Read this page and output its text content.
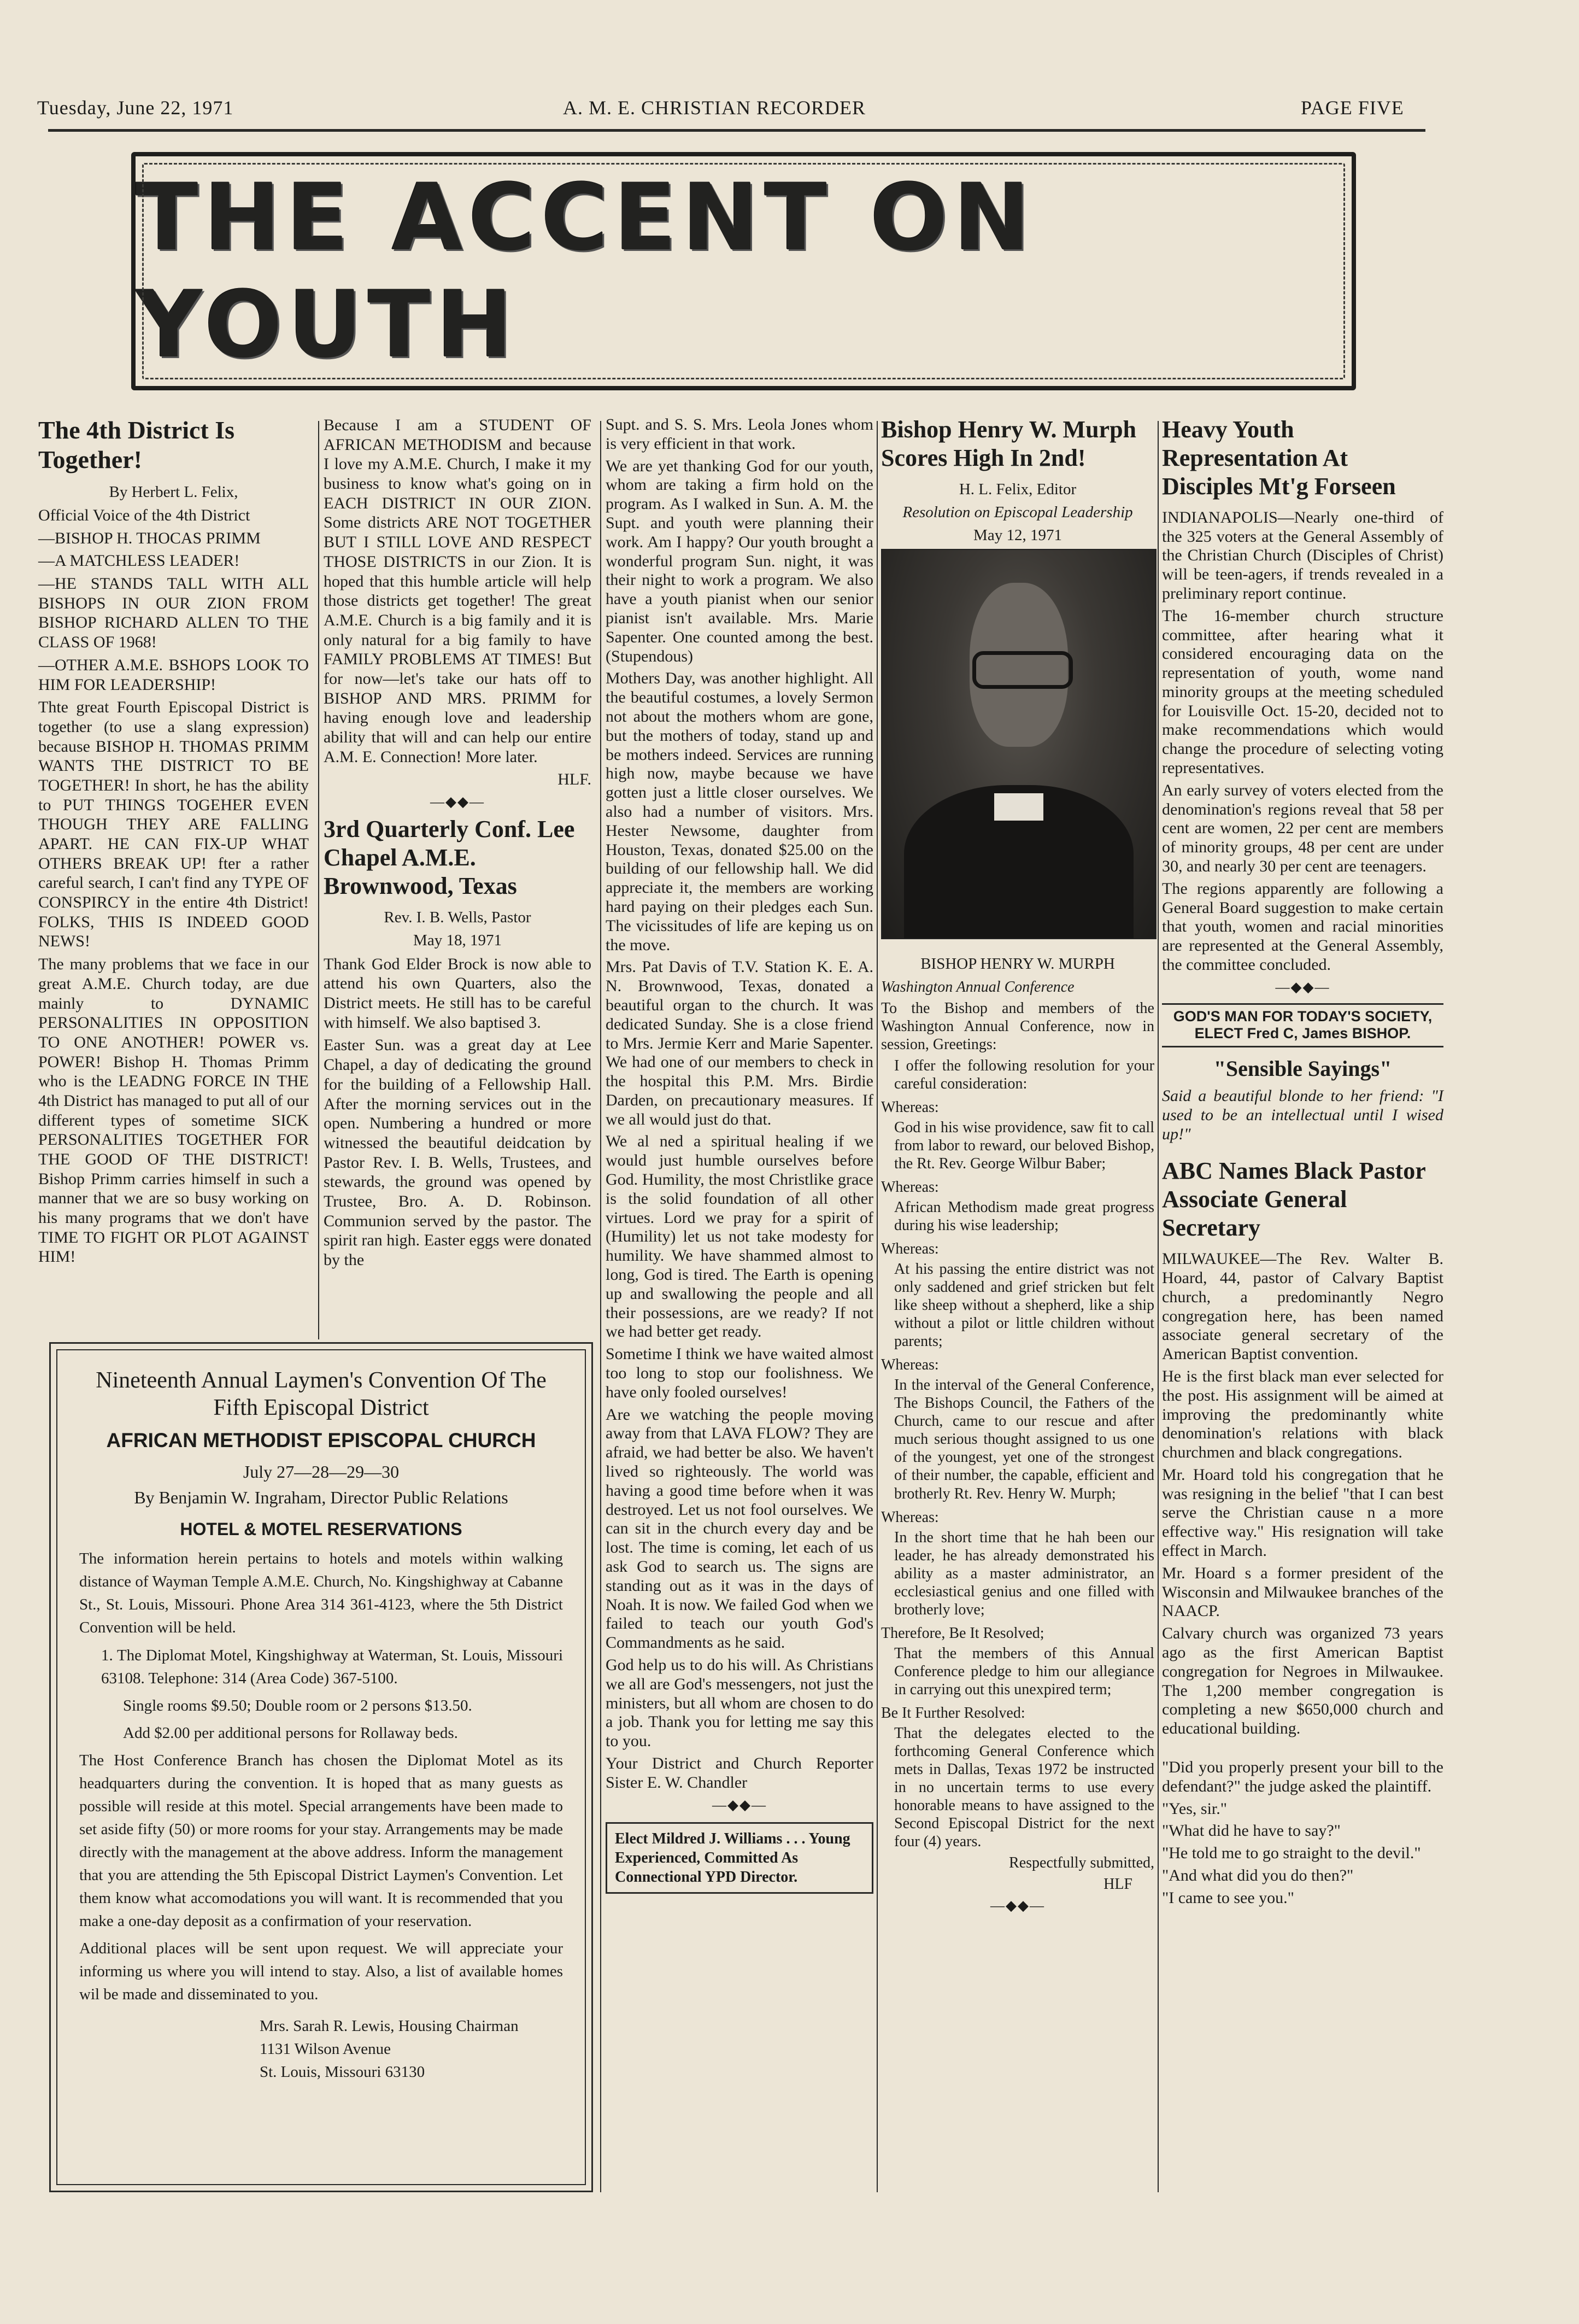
Tuesday, June 22, 1971	A. M. E. CHRISTIAN RECORDER	PAGE FIVE
THE ACCENT ON YOUTH
The 4th District Is Together!
By Herbert L. Felix,

Official Voice of the 4th District

—BISHOP H. THOCAS PRIMM

—A MATCHLESS LEADER!

—HE STANDS TALL WITH ALL BISHOPS IN OUR ZION FROM BISHOP RICHARD ALLEN TO THE CLASS OF 1968!

—OTHER A.M.E. BSHOPS LOOK TO HIM FOR LEADERSHIP!

Thte great Fourth Episcopal District is together (to use a slang expression) because BISHOP H. THOMAS PRIMM WANTS THE DISTRICT TO BE TOGETHER! In short, he has the ability to PUT THINGS TOGEHER EVEN THOUGH THEY ARE FALLING APART. HE CAN FIX-UP WHAT OTHERS BREAK UP! fter a rather careful search, I can't find any TYPE OF CONSPIRCY in the entire 4th District! FOLKS, THIS IS INDEED GOOD NEWS!

The many problems that we face in our great A.M.E. Church today, are due mainly to DYNAMIC PERSONALITIES IN OPPOSITION TO ONE ANOTHER! POWER vs. POWER! Bishop H. Thomas Primm who is the LEADNG FORCE IN THE 4th District has managed to put all of our different types of sometime SICK PERSONALITIES TOGETHER FOR THE GOOD OF THE DISTRICT! Bishop Primm carries himself in such a manner that we are so busy working on his many programs that we don't have TIME TO FIGHT OR PLOT AGAINST HIM!

Because I am a STUDENT OF AFRICAN METHODISM and because I love my A.M.E. Church, I make it my business to know what's going on in EACH DISTRICT IN OUR ZION. Some districts ARE NOT TOGETHER BUT I STILL LOVE AND RESPECT THOSE DISTRICTS in our Zion. It is hoped that this humble article will help those districts get together! The great A.M.E. Church is a big family and it is only natural for a big family to have FAMILY PROBLEMS AT TIMES! But for now—let's take our hats off to BISHOP AND MRS. PRIMM for having enough love and leadership ability that will and can help our entire A.M. E. Connection! More later.

HLF.

—◆◆—
3rd Quarterly Conf. Lee Chapel A.M.E. Brownwood, Texas
Rev. I. B. Wells, Pastor
May 18, 1971

Thank God Elder Brock is now able to attend his own Quarters, also the District meets. He still has to be careful with himself. We also baptised 3.

Easter Sun. was a great day at Lee Chapel, a day of dedicating the ground for the building of a Fellowship Hall. After the morning services out in the open. Numbering a hundred or more witnessed the beautiful deidcation by Pastor Rev. I. B. Wells, Trustees, and stewards, the ground was opened by Trustee, Bro. A. D. Robinson. Communion served by the pastor. The spirit ran high. Easter eggs were donated by the

Supt. and S. S. Mrs. Leola Jones whom is very efficient in that work.

We are yet thanking God for our youth, whom are taking a firm hold on the program. As I walked in Sun. A. M. the Supt. and youth were planning their work. Am I happy? Our youth brought a wonderful program Sun. night, it was their night to work a program. We also have a youth pianist when our senior pianist isn't available. Mrs. Marie Sapenter. One counted among the best. (Stupendous)

Mothers Day, was another highlight. All the beautiful costumes, a lovely Sermon not about the mothers whom are gone, but the mothers of today, stand up and be mothers indeed. Services are running high now, maybe because we have gotten just a little closer ourselves. We also had a number of visitors. Mrs. Hester Newsome, daughter from Houston, Texas, donated $25.00 on the building of our fellowship hall. We did appreciate it, the members are working hard paying on their pledges each Sun. The vicissitudes of life are keping us on the move.

Mrs. Pat Davis of T.V. Station K. E. A. N. Brownwood, Texas, donated a beautiful organ to the church. It was dedicated Sunday. She is a close friend to Mrs. Jermie Kerr and Marie Sapenter. We had one of our members to check in the hospital this P.M. Mrs. Birdie Darden, on precautionary measures. If we all would just do that.

We al ned a spiritual healing if we would just humble ourselves before God. Humility, the most Christlike grace is the solid foundation of all other virtues. Lord we pray for a spirit of (Humility) let us not take modesty for humility. We have shammed almost to long, God is tired. The Earth is opening up and swallowing the people and all their possessions, are we ready? If not we had better get ready.

Sometime I think we have waited almost too long to stop our foolishness. We have only fooled ourselves!

Are we watching the people moving away from that LAVA FLOW? They are afraid, we had better be also. We haven't lived so righteously. The world was having a good time before when it was destroyed. Let us not fool ourselves. We can sit in the church every day and be lost. The time is coming, let each of us ask God to search us. The signs are standing out as it was in the days of Noah. It is now. We failed God when we failed to teach our youth God's Commandments as he said.

God help us to do his will. As Christians we all are God's messengers, not just the ministers, but all whom are chosen to do a job. Thank you for letting me say this to you.

Your District and Church Reporter Sister E. W. Chandler

—◆◆—
Elect Mildred J. Williams . . . Young Experienced, Committed As Connectional YPD Director.
Bishop Henry W. Murph Scores High In 2nd!
H. L. Felix, Editor
Resolution on Episcopal Leadership
May 12, 1971
BISHOP HENRY W. MURPH

Washington Annual Conference

To the Bishop and members of the Washington Annual Conference, now in session, Greetings:

I offer the following resolution for your careful consideration:

Whereas:

God in his wise providence, saw fit to call from labor to reward, our beloved Bishop, the Rt. Rev. George Wilbur Baber;

Whereas:

African Methodism made great progress during his wise leadership;

Whereas:

At his passing the entire district was not only saddened and grief stricken but felt like sheep without a shepherd, like a ship without a pilot or little children without parents;

Whereas:

In the interval of the General Conference, The Bishops Council, the Fathers of the Church, came to our rescue and after much serious thought assigned to us one of the youngest, yet one of the strongest of their number, the capable, efficient and brotherly Rt. Rev. Henry W. Murph;

Whereas:

In the short time that he hah been our leader, he has already demonstrated his ability as a master administrator, an ecclesiastical genius and one filled with brotherly love;

Therefore, Be It Resolved;

That the members of this Annual Conference pledge to him our allegiance in carrying out this unexpired term;

Be It Further Resolved:

That the delegates elected to the forthcoming General Conference which mets in Dallas, Texas 1972 be instructed in no uncertain terms to use every honorable means to have assigned to the Second Episcopal District for the next four (4) years.

Respectfully submitted,

HLF

—◆◆—
Heavy Youth Representation At Disciples Mt'g Forseen

INDIANAPOLIS—Nearly one-third of the 325 voters at the General Assembly of the Christian Church (Disciples of Christ) will be teen-agers, if trends revealed in a preliminary report continue.

The 16-member church structure committee, after hearing what it considered encouraging data on the representation of youth, wome nand minority groups at the meeting scheduled for Louisville Oct. 15-20, decided not to make recommendations which would change the procedure of selecting voting representatives.

An early survey of voters elected from the denomination's regions reveal that 58 per cent are women, 22 per cent are members of minority groups, 48 per cent are under 30, and nearly 30 per cent are teenagers.

The regions apparently are following a General Board suggestion to make certain that youth, women and racial minorities are represented at the General Assembly, the committee concluded.

—◆◆—
GOD'S MAN FOR TODAY'S SOCIETY, ELECT Fred C, James BISHOP.
"Sensible Sayings"

Said a beautiful blonde to her friend: "I used to be an intellectual until I wised up!"

ABC Names Black Pastor Associate General Secretary

MILWAUKEE—The Rev. Walter B. Hoard, 44, pastor of Calvary Baptist church, a predominantly Negro congregation here, has been named associate general secretary of the American Baptist convention.

He is the first black man ever selected for the post. His assignment will be aimed at improving the predominantly white denomination's relations with black churchmen and black congregations.

Mr. Hoard told his congregation that he was resigning in the belief "that I can best serve the Christian cause n a more effective way." His resignation will take effect in March.

Mr. Hoard s a former president of the Wisconsin and Milwaukee branches of the NAACP.

Calvary church was organized 73 years ago as the first American Baptist congregation for Negroes in Milwaukee. The 1,200 member congregation is completing a new $650,000 church and educational building.

"Did you properly present your bill to the defendant?" the judge asked the plaintiff.

"Yes, sir."

"What did he have to say?"

"He told me to go straight to the devil."

"And what did you do then?"

"I came to see you."

Nineteenth Annual Laymen's Convention Of The Fifth Episcopal District
AFRICAN METHODIST EPISCOPAL CHURCH
July 27—28—29—30
By Benjamin W. Ingraham, Director Public Relations
HOTEL & MOTEL RESERVATIONS

The information herein pertains to hotels and motels within walking distance of Wayman Temple A.M.E. Church, No. Kingshighway at Cabanne St., St. Louis, Missouri. Phone Area 314 361-4123, where the 5th District Convention will be held.

1. The Diplomat Motel, Kingshighway at Waterman, St. Louis, Missouri 63108. Telephone: 314 (Area Code) 367-5100.

Single rooms $9.50; Double room or 2 persons $13.50.

Add $2.00 per additional persons for Rollaway beds.

The Host Conference Branch has chosen the Diplomat Motel as its headquarters during the convention. It is hoped that as many guests as possible will reside at this motel. Special arrangements have been made to set aside fifty (50) or more rooms for your stay. Arrangements may be made directly with the management at the above address. Inform the management that you are attending the 5th Episcopal District Laymen's Convention. Let them know what accomodations you will want. It is recommended that you make a one-day deposit as a confirmation of your reservation.

Additional places will be sent upon request. We will appreciate your informing us where you will intend to stay. Also, a list of available homes wil be made and disseminated to you.

Mrs. Sarah R. Lewis, Housing Chairman
1131 Wilson Avenue
St. Louis, Missouri 63130
